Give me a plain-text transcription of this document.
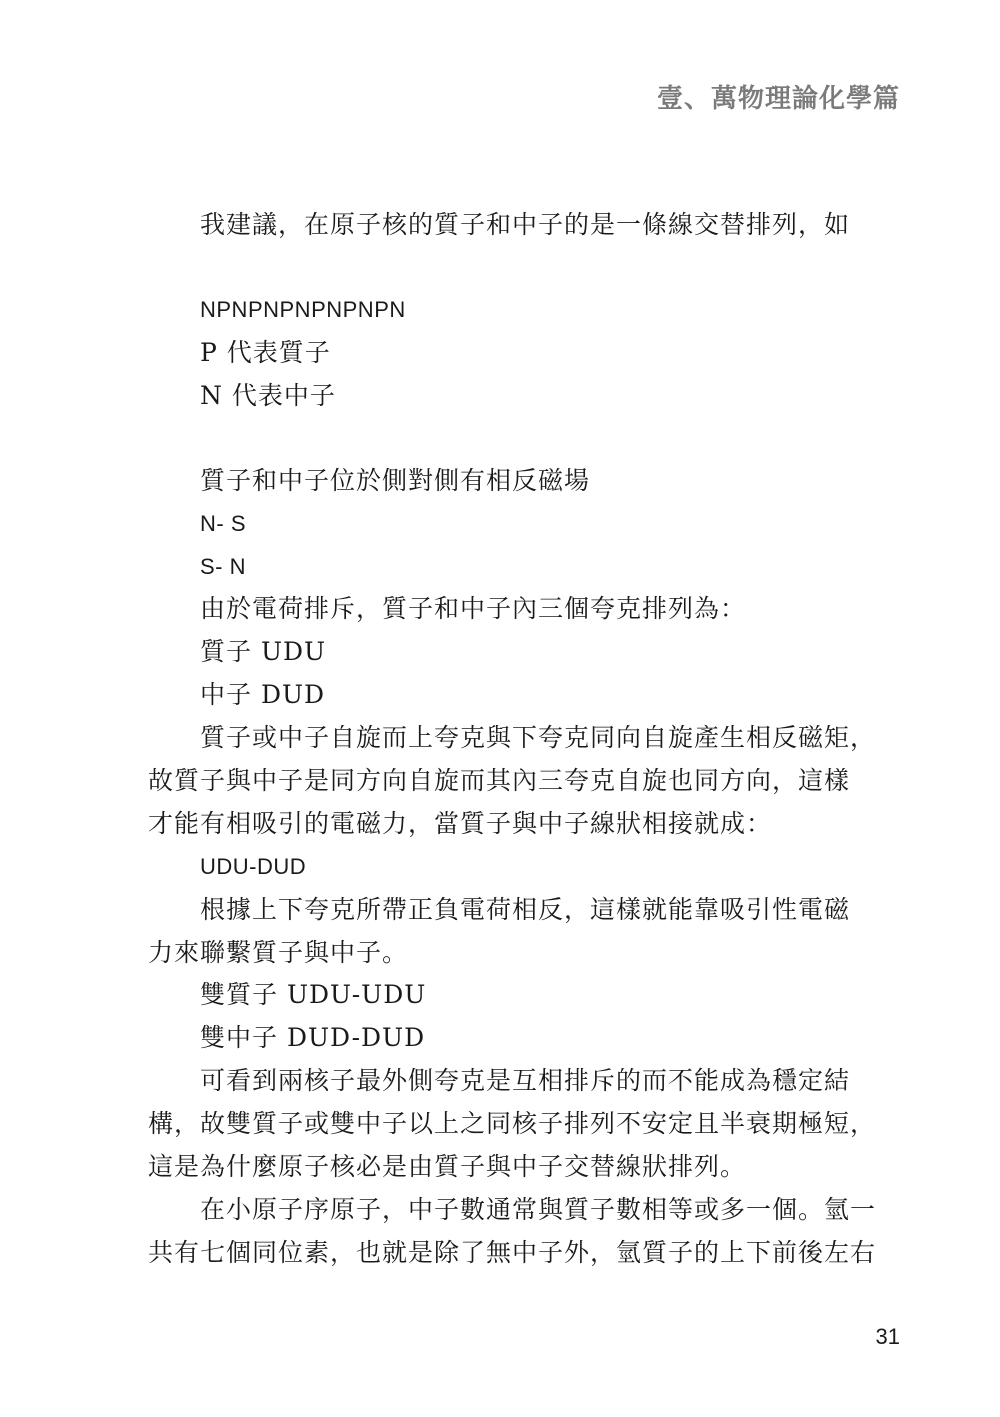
壹、萬物理論化學篇
我建議，在原子核的質子和中子的是一條線交替排列，如
NPNPNPNPNPNPN
P 代表質子
N 代表中子
質子和中子位於側對側有相反磁場
N- S
S- N
由於電荷排斥，質子和中子內三個夸克排列為：
質子 UDU
中子 DUD
質子或中子自旋而上夸克與下夸克同向自旋產生相反磁矩，
故質子與中子是同方向自旋而其內三夸克自旋也同方向，這樣
才能有相吸引的電磁力，當質子與中子線狀相接就成：
UDU-DUD
根據上下夸克所帶正負電荷相反，這樣就能靠吸引性電磁
力來聯繫質子與中子。
雙質子 UDU-UDU
雙中子 DUD-DUD
可看到兩核子最外側夸克是互相排斥的而不能成為穩定結
構，故雙質子或雙中子以上之同核子排列不安定且半衰期極短，
這是為什麼原子核必是由質子與中子交替線狀排列。
在小原子序原子，中子數通常與質子數相等或多一個。氫一
共有七個同位素，也就是除了無中子外，氫質子的上下前後左右
31
